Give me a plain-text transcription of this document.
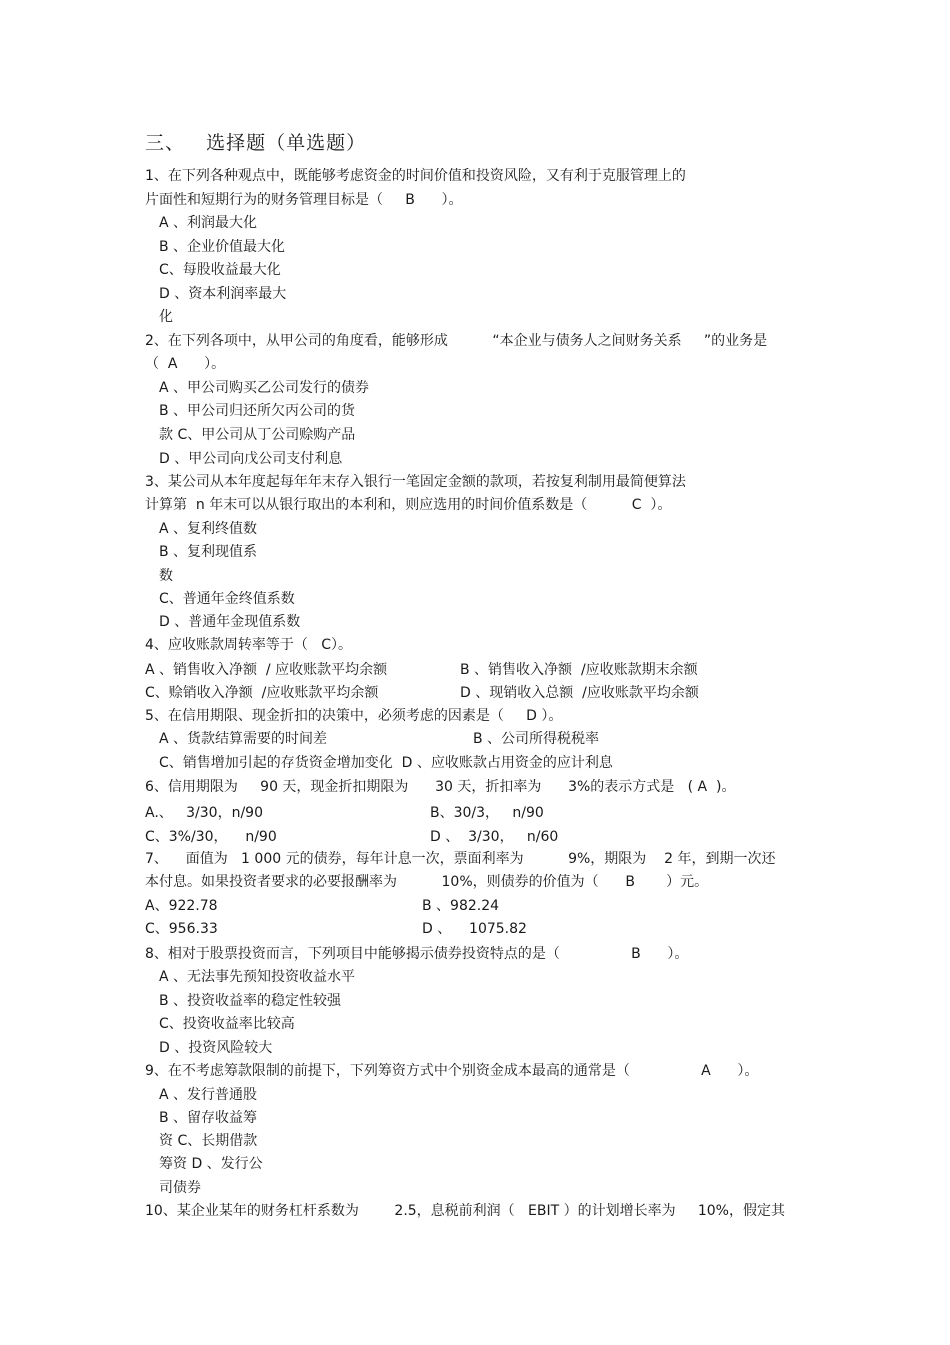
三、   选择题（单选题）
1、在下列各种观点中，既能够考虑资金的时间价值和投资风险，又有利于克服管理上的
片面性和短期行为的财务管理目标是（     B      ）。
A 、利润最大化
B 、企业价值最大化
C、每股收益最大化
D 、资本利润率最大
化
2、在下列各项中，从甲公司的角度看，能够形成          “本企业与债务人之间财务关系     ”的业务是
（  A      ）。
A 、甲公司购买乙公司发行的债券
B 、甲公司归还所欠丙公司的货
款 C、甲公司从丁公司赊购产品
D 、甲公司向戊公司支付利息
3、某公司从本年度起每年年末存入银行一笔固定金额的款项，若按复利制用最简便算法
计算第  n 年末可以从银行取出的本利和，则应选用的时间价值系数是（          C  ）。
A 、复利终值数
B 、复利现值系
数
C、普通年金终值系数
D 、普通年金现值系数
4、应收账款周转率等于（   C）。
A 、销售收入净额  / 应收账款平均余额	B 、销售收入净额  /应收账款期末余额
C、赊销收入净额  /应收账款平均余额	D 、现销收入总额  /应收账款平均余额
5、在信用期限、现金折扣的决策中，必须考虑的因素是（     D ）。
A 、货款结算需要的时间差	B 、公司所得税税率
C、销售增加引起的存货资金增加变化  D 、应收账款占用资金的应计利息
6、信用期限为     90 天，现金折扣期限为      30 天，折扣率为      3%的表示方式是   ( A  )。
A.、   3/30，n/90	B、30/3，   n/90
C、3%/30，    n/90	D 、  3/30，   n/60
7、    面值为   1 000 元的债券，每年计息一次，票面利率为          9%，期限为    2 年，到期一次还
本付息。如果投资者要求的必要报酬率为          10%，则债券的价值为（      B       ）元。
A、922.78	B 、982.24
C、956.33	D 、    1075.82
8、相对于股票投资而言，下列项目中能够揭示债券投资特点的是（                B      ）。
A 、无法事先预知投资收益水平
B 、投资收益率的稳定性较强
C、投资收益率比较高
D 、投资风险较大
9、在不考虑筹款限制的前提下，下列筹资方式中个别资金成本最高的通常是（                A      ）。
A 、发行普通股
B 、留存收益筹
资 C、长期借款
筹资 D 、发行公
司债券
10、某企业某年的财务杠杆系数为        2.5，息税前利润（   EBIT ）的计划增长率为     10%，假定其
